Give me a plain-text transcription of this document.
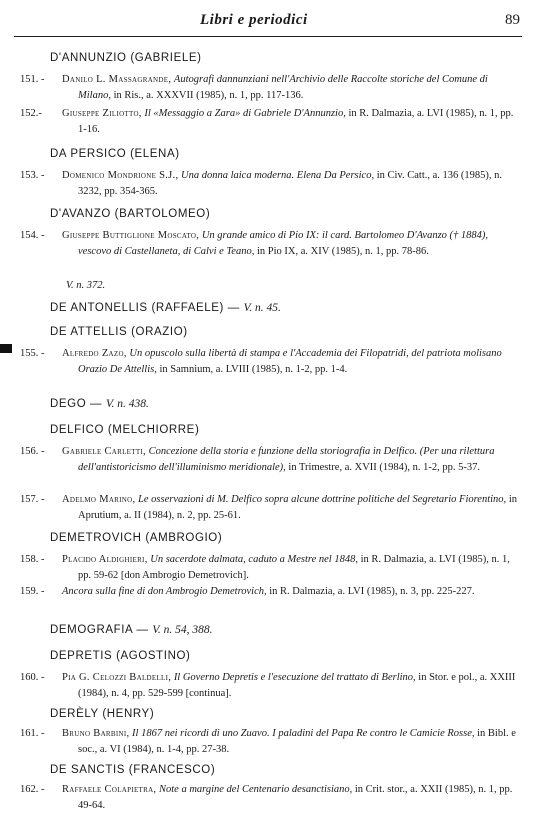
Libri e periodici	89
D'ANNUNZIO (GABRIELE)
151. - Danilo L. Massagrande, Autografi dannunziani nell'Archivio delle Raccolte storiche del Comune di Milano, in Ris., a. XXXVII (1985), n. 1, pp. 117-136.
152.- Giuseppe Ziliotto, Il «Messaggio a Zara» di Gabriele D'Annunzio, in R. Dalmazia, a. LVI (1985), n. 1, pp. 1-16.
DA PERSICO (ELENA)
153. - Domenico Mondrione S.J., Una donna laica moderna. Elena Da Persico, in Civ. Catt., a. 136 (1985), n. 3232, pp. 354-365.
D'AVANZO (BARTOLOMEO)
154. - Giuseppe Buttiglione Moscato, Un grande amico di Pio IX: il card. Bartolomeo D'Avanzo († 1884), vescovo di Castellaneta, di Calvi e Teano, in Pio IX, a. XIV (1985), n. 1, pp. 78-86.
V. n. 372.
DE ANTONELLIS (RAFFAELE) — V. n. 45.
DE ATTELLIS (ORAZIO)
155. - Alfredo Zazo, Un opuscolo sulla libertà di stampa e l'Accademia dei Filopatridi, del patriota molisano Orazio De Attellis, in Samnium, a. LVIII (1985), n. 1-2, pp. 1-4.
DEGO — V. n. 438.
DELFICO (MELCHIORRE)
156. - Gabriele Carletti, Concezione della storia e funzione della storiografia in Delfico. (Per una rilettura dell'antistoricismo dell'illuminismo meridionale), in Trimestre, a. XVII (1984), n. 1-2, pp. 5-37.
157. - Adelmo Marino, Le osservazioni di M. Delfico sopra alcune dottrine politiche del Segretario Fiorentino, in Aprutium, a. II (1984), n. 2, pp. 25-61.
DEMETROVICH (AMBROGIO)
158. - Placido Aldighieri, Un sacerdote dalmata, caduto a Mestre nel 1848, in R. Dalmazia, a. LVI (1985), n. 1, pp. 59-62 [don Ambrogio Demetrovich].
159. - Ancora sulla fine di don Ambrogio Demetrovich, in R. Dalmazia, a. LVI (1985), n. 3, pp. 225-227.
DEMOGRAFIA — V. n. 54, 388.
DEPRETIS (AGOSTINO)
160. - Pia G. Celozzi Baldelli, Il Governo Depretis e l'esecuzione del trattato di Berlino, in Stor. e pol., a. XXIII (1984), n. 4, pp. 529-599 [continua].
DERÈLY (HENRY)
161. - Bruno Barbini, Il 1867 nei ricordi di uno Zuavo. I paladini del Papa Re contro le Camicie Rosse, in Bibl. e soc., a. VI (1984), n. 1-4, pp. 27-38.
DE SANCTIS (FRANCESCO)
162. - Raffaele Colapietra, Note a margine del Centenario desanctisiano, in Crit. stor., a. XXII (1985), n. 1, pp. 49-64.
